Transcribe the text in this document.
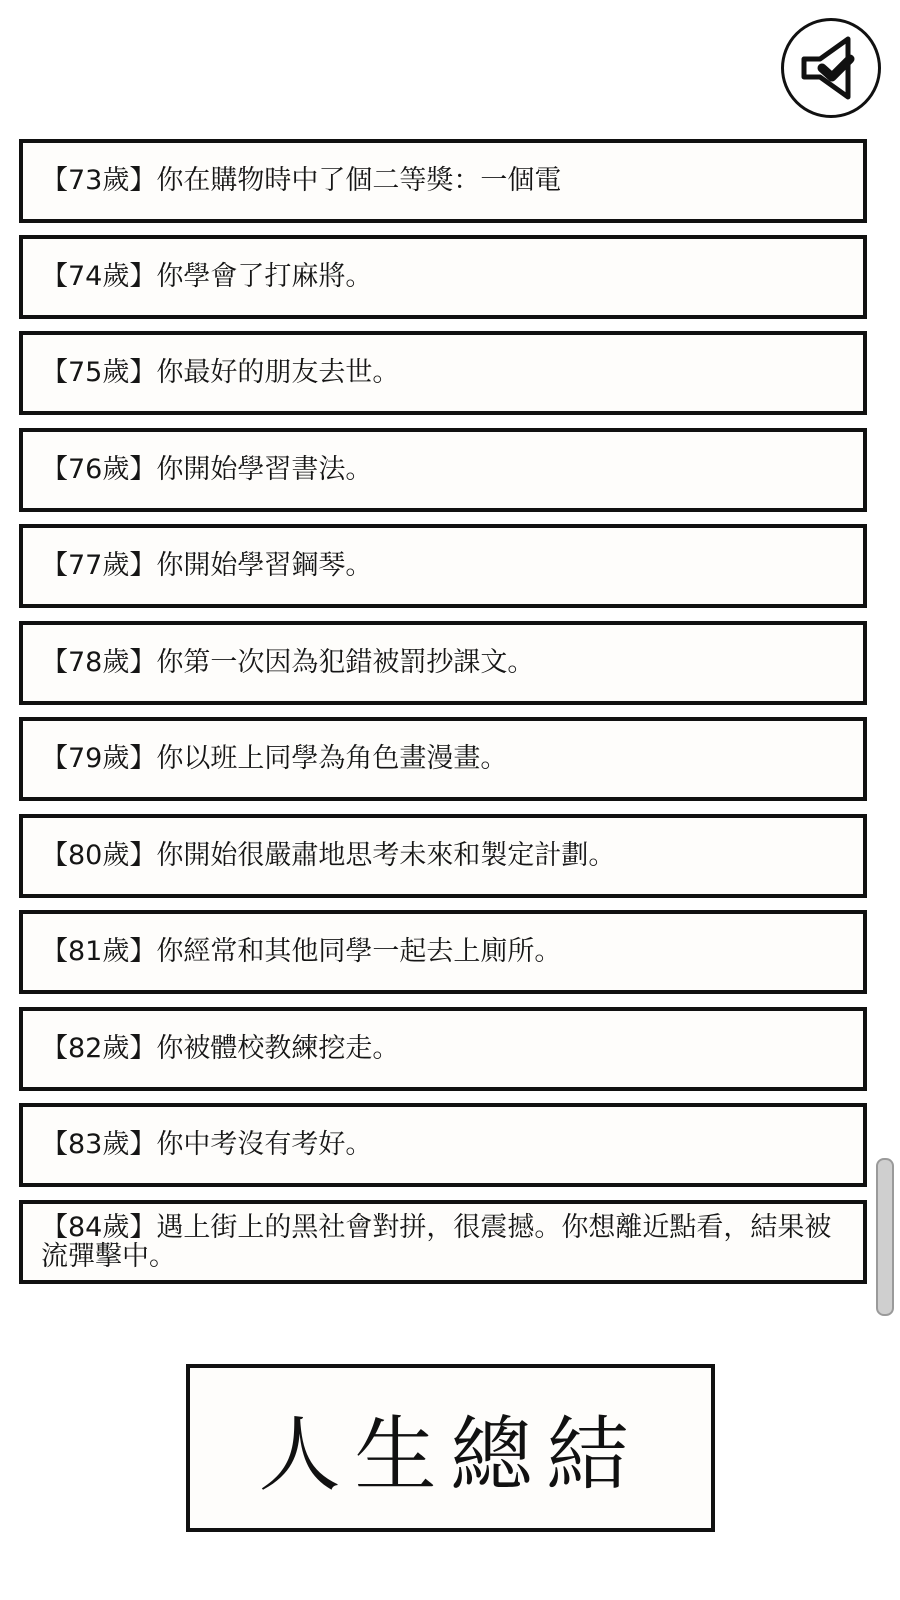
【73歲】你在購物時中了個二等獎：一個電
【74歲】你學會了打麻將。
【75歲】你最好的朋友去世。
【76歲】你開始學習書法。
【77歲】你開始學習鋼琴。
【78歲】你第一次因為犯錯被罰抄課文。
【79歲】你以班上同學為角色畫漫畫。
【80歲】你開始很嚴肅地思考未來和製定計劃。
【81歲】你經常和其他同學一起去上廁所。
【82歲】你被體校教練挖走。
【83歲】你中考沒有考好。
【84歲】遇上街上的黑社會對拼，很震撼。你想離近點看，結果被流彈擊中。
人生總結
